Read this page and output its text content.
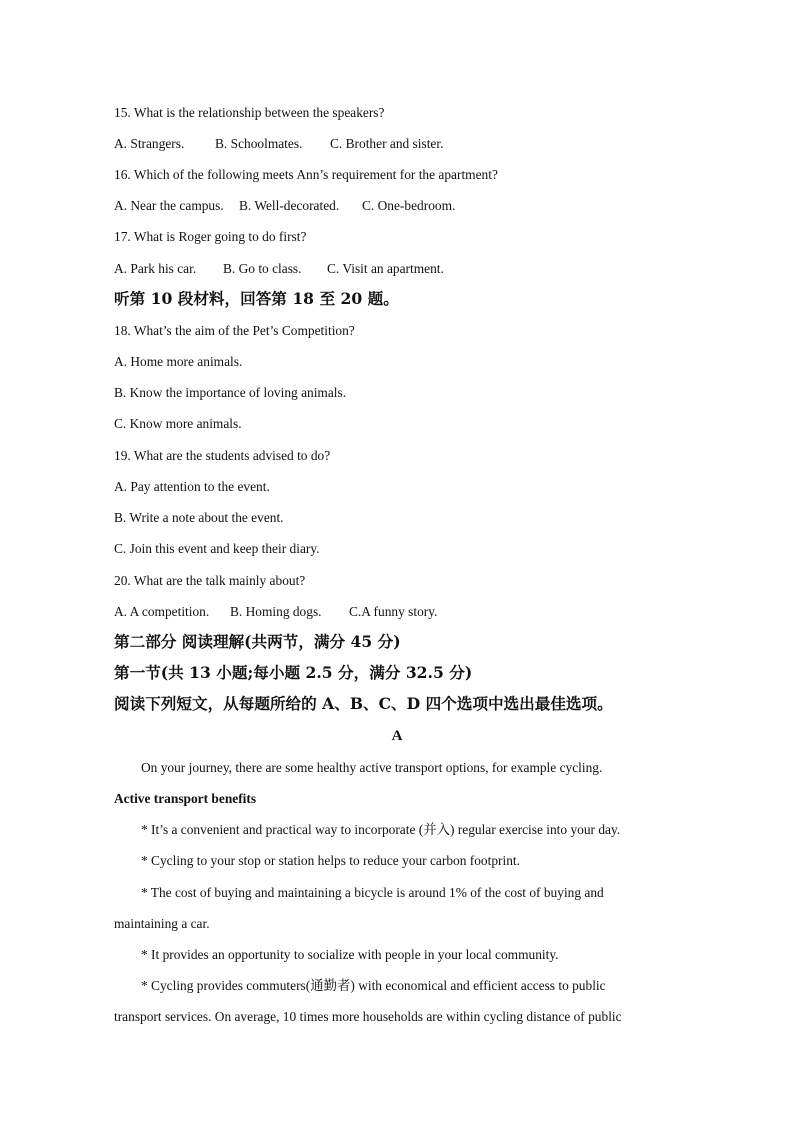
15. What is the relationship between the speakers?
A. Strangers. B. Schoolmates. C. Brother and sister.
16. Which of the following meets Ann’s requirement for the apartment?
A. Near the campus. B. Well-decorated. C. One-bedroom.
17. What is Roger going to do first?
A. Park his car. B. Go to class. C. Visit an apartment.
听第 10 段材料，回答第 18 至 20 题。
18. What’s the aim of the Pet’s Competition?
A. Home more animals.
B. Know the importance of loving animals.
C. Know more animals.
19. What are the students advised to do?
A. Pay attention to the event.
B. Write a note about the event.
C. Join this event and keep their diary.
20. What are the talk mainly about?
A. A competition. B. Homing dogs. C.A funny story.
第二部分 阅读理解(共两节，满分 45 分)
第一节(共 13 小题;每小题 2.5 分，满分 32.5 分)
阅读下列短文，从每题所给的 A、B、C、D 四个选项中选出最佳选项。
A
On your journey, there are some healthy active transport options, for example cycling.
Active transport benefits
* It’s a convenient and practical way to incorporate (并入) regular exercise into your day.
* Cycling to your stop or station helps to reduce your carbon footprint.
* The cost of buying and maintaining a bicycle is around 1% of the cost of buying and
maintaining a car.
* It provides an opportunity to socialize with people in your local community.
* Cycling provides commuters(通勤者) with economical and efficient access to public
transport services. On average, 10 times more households are within cycling distance of public
